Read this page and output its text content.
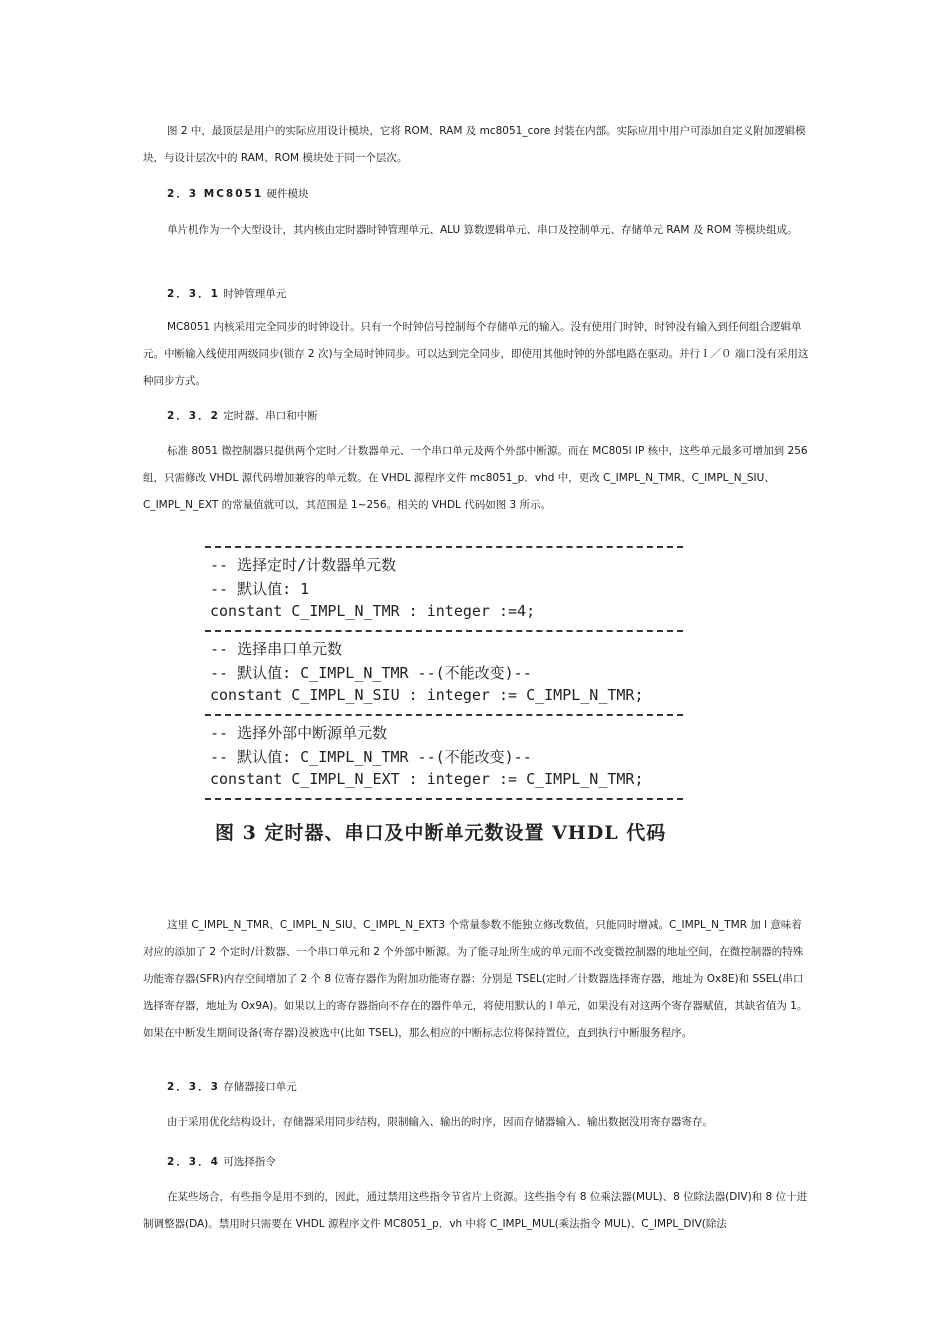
图 2 中，最顶层是用户的实际应用设计模块，它将 ROM、RAM 及 mc8051_core 封装在内部。实际应用中用户可添加自定义附加逻辑模块，与设计层次中的 RAM、ROM 模块处于同一个层次。

2．3 MC8051 硬件模块

单片机作为一个大型设计，其内核由定时器时钟管理单元、ALU 算数逻辑单元、串口及控制单元、存储单元 RAM 及 ROM 等模块组成。

2．3．1 时钟管理单元

MC8051 内核采用完全同步的时钟设计。只有一个时钟信号控制每个存储单元的输入。没有使用门时钟，时钟没有输入到任何组合逻辑单元。中断输入线使用两级同步(锁存 2 次)与全局时钟同步。可以达到完全同步，即使用其他时钟的外部电路在驱动。并行Ｉ／０ 端口没有采用这种同步方式。

2．3．2 定时器、串口和中断

标准 8051 微控制器只提供两个定时／计数器单元、一个串口单元及两个外部中断源。而在 MC805l IP 核中，这些单元最多可增加到 256 组，只需修改 VHDL 源代码增加兼容的单元数。在 VHDL 源程序文件 mc8051_p．vhd 中，更改 C_IMPL_N_TMR、C_IMPL_N_SIU、C_IMPL_N_EXT 的常量值就可以，其范围是 1~256。相关的 VHDL 代码如图 3 所示。

-- 选择定时/计数器单元数
-- 默认值: 1
constant C_IMPL_N_TMR : integer :=4;
-- 选择串口单元数
-- 默认值: C_IMPL_N_TMR --(不能改变)--
constant C_IMPL_N_SIU : integer := C_IMPL_N_TMR;
-- 选择外部中断源单元数
-- 默认值: C_IMPL_N_TMR --(不能改变)--
constant C_IMPL_N_EXT : integer := C_IMPL_N_TMR;
图 3 定时器、串口及中断单元数设置 VHDL 代码

这里 C_IMPL_N_TMR、C_IMPL_N_SIU、C_IMPL_N_EXT3 个常量参数不能独立修改数值，只能同时增减。C_IMPL_N_TMR 加 l 意味着对应的添加了 2 个定时/计数器、一个串口单元和 2 个外部中断源。为了能寻址所生成的单元而不改变微控制器的地址空间，在微控制器的特殊功能寄存器(SFR)内存空间增加了 2 个 8 位寄存器作为附加功能寄存器：分别是 TSEL(定时／计数器选择寄存器，地址为 Ox8E)和 SSEL(串口选择寄存器，地址为 Ox9A)。如果以上的寄存器指向不存在的器件单元，将使用默认的 l 单元，如果没有对这两个寄存器赋值，其缺省值为 1。如果在中断发生期间设备(寄存器)没被选中(比如 TSEL)，那么相应的中断标志位将保持置位，直到执行中断服务程序。

2．3．3 存储器接口单元

由于采用优化结构设计，存储器采用同步结构，限制输入、输出的时序，因而存储器输入、输出数据没用寄存器寄存。

2．3．4 可选择指令

在某些场合，有些指令是用不到的，因此，通过禁用这些指令节省片上资源。这些指令有 8 位乘法器(MUL)、8 位除法器(DIV)和 8 位十进制调整器(DA)。禁用时只需要在 VHDL 源程序文件 MC8051_p．vh 中将 C_IMPL_MUL(乘法指令 MUL)、C_IMPL_DIV(除法
